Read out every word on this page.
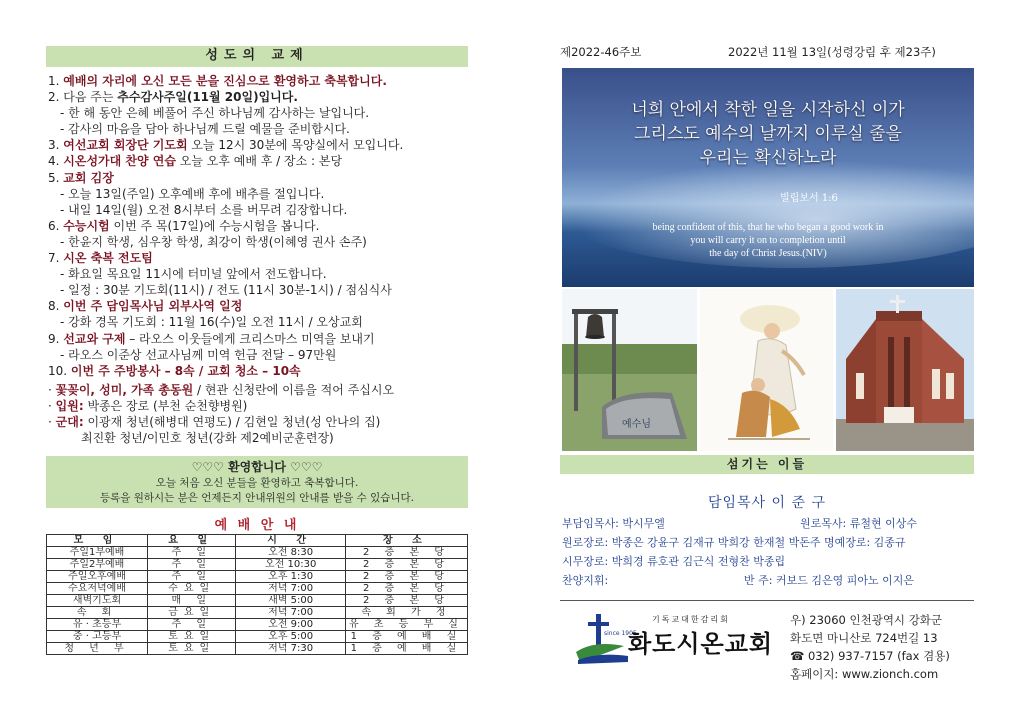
성도의 교제
1. 예배의 자리에 오신 모든 분을 진심으로 환영하고 축복합니다.
2. 다음 주는 추수감사주일(11월 20일)입니다.
- 한 해 동안 은혜 베풀어 주신 하나님께 감사하는 날입니다.
- 감사의 마음을 담아 하나님께 드릴 예물을 준비합시다.
3. 여선교회 회장단 기도회 오늘 12시 30분에 목양실에서 모입니다.
4. 시온성가대 찬양 연습 오늘 오후 예배 후 / 장소 : 본당
5. 교회 김장
- 오늘 13일(주일) 오후예배 후에 배추를 절입니다.
- 내일 14일(월) 오전 8시부터 소를 버무려 김장합니다.
6. 수능시험 이번 주 목(17일)에 수능시험을 봅니다.
- 한윤지 학생, 심우창 학생, 최강이 학생(이혜영 권사 손주)
7. 시온 축복 전도팀
- 화요일 목요일 11시에 터미널 앞에서 전도합니다.
- 일정 : 30분 기도회(11시) / 전도 (11시 30분-1시) / 점심식사
8. 이번 주 담임목사님 외부사역 일정
- 강화 경목 기도회 : 11월 16(수)일 오전 11시 / 오상교회
9. 선교와 구제 – 라오스 이웃들에게 크리스마스 미역을 보내기
- 라오스 이준상 선교사님께 미역 헌금 전달 – 97만원
10. 이번 주 주방봉사 – 8속 / 교회 청소 – 10속
· 꽃꽂이, 성미, 가족 총동원 / 현관 신청란에 이름을 적어 주십시오
· 입원: 박종은 장로 (부천 순천향병원)
· 군대: 이광재 청년(해병대 연평도) / 김현일 청년(성 안나의 집)
최진환 청년/이민호 청년(강화 제2예비군훈련장)
♡♡♡ 환영합니다 ♡♡♡
오늘 처음 오신 분들을 환영하고 축복합니다.
등록을 원하시는 분은 언제든지 안내위원의 안내를 받을 수 있습니다.
예 배 안 내
모 임	요 일	시 간	장 소
주일1부예배	주 일	오전 8:30	2 층 본 당
주일2부예배	주 일	오전 10:30	2 층 본 당
주일오후예배	주 일	오후 1:30	2 층 본 당
수요저녁예배	수요일	저녁 7:00	2 층 본 당
새벽기도회	매 일	새벽 5:00	2 층 본 당
속 회	금요일	저녁 7:00	속 회 가 정
유 · 초등부	주 일	오전 9:00	유 초 등 부 실
중 · 고등부	토요일	오후 5:00	1 층 예 배 실
청 년 부	토요일	저녁 7:30	1 층 예 배 실
제2022-46주보	2022년 11월 13일(성령강림 후 제23주)
너희 안에서 착한 일을 시작하신 이가
그리스도 예수의 날까지 이루실 줄을
우리는 확신하노라
빌립보서 1:6
being confident of this, that he who began a good work in
you will carry it on to completion until
the day of Christ Jesus.(NIV)
예수님
섬기는 이들
담임목사 이 준 구
부담임목사: 박시무엘	원로목사: 류철현 이상수
원로장로: 박종은 강윤구 김재규 박희강 한재철 박돈주 명예장로: 김종규
시무장로: 박희경 류호관 김근식 전형찬 박종립
찬양지휘:	반 주: 커보드 김은영 피아노 이지은
기독교대한감리회
since 1905
화도시온교회
우) 23060 인천광역시 강화군
화도면 마니산로 724번길 13
☎ 032) 937-7157 (fax 겸용)
홈페이지: www.zionch.com
